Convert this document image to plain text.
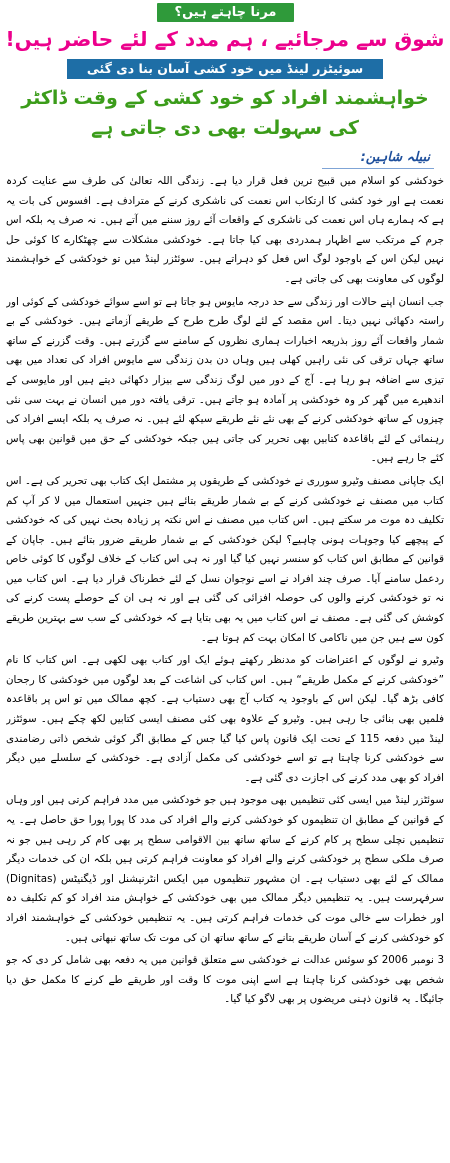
مرنا چاہتے ہیں؟
شوق سے مرجائیے ، ہم مدد کے لئے حاضر ہیں!
سوئیٹزر لینڈ میں خود کشی آسان بنا دی گئی
خواہشمند افراد کو خود کشی کے وقت ڈاکٹر
کی سہولت بھی دی جاتی ہے
نبیلہ شاہین:

خودکشی کو اسلام میں قبیح ترین فعل قرار دیا ہے۔ زندگی اللہ تعالیٰ کی طرف سے عنایت کردہ نعمت ہے اور خود کشی کا ارتکاب اس نعمت کی ناشکری کرنے کے مترادف ہے۔ افسوس کی بات یہ ہے کہ ہمارے ہاں اس نعمت کی ناشکری کے واقعات آئے روز سننے میں آتے ہیں۔ نہ صرف یہ بلکہ اس جرم کے مرتکب سے اظہار ہمدردی بھی کیا جاتا ہے۔ خودکشی مشکلات سے چھٹکارے کا کوئی حل نہیں لیکن اس کے باوجود لوگ اس فعل کو دہراتے ہیں۔ سوئٹزر لینڈ میں تو خودکشی کے خواہشمند لوگوں کی معاونت بھی کی جاتی ہے۔

جب انسان اپنے حالات اور زندگی سے حد درجہ مایوس ہو جاتا ہے تو اسے سوائے خودکشی کے کوئی اور راستہ دکھائی نہیں دیتا۔ اس مقصد کے لئے لوگ طرح طرح کے طریقے آزماتے ہیں۔ خودکشی کے بے شمار واقعات آئے روز بذریعہ اخبارات ہماری نظروں کے سامنے سے گزرتے ہیں۔ وقت گزرنے کے ساتھ ساتھ جہاں ترقی کی نئی راہیں کھلی ہیں وہاں دن بدن زندگی سے مایوس افراد کی تعداد میں بھی تیزی سے اضافہ ہو رہا ہے۔ آج کے دور میں لوگ زندگی سے بیزار دکھائی دیتے ہیں اور مایوسی کے اندھیرے میں گھر کر وہ خودکشی پر آمادہ ہو جاتے ہیں۔ ترقی یافتہ دور میں انسان نے بہت سی نئی چیزوں کے ساتھ خودکشی کرنے کے بھی نئے نئے طریقے سیکھ لئے ہیں۔ نہ صرف یہ بلکہ ایسے افراد کی رہنمائی کے لئے باقاعدہ کتابیں بھی تحریر کی جاتی ہیں جبکہ خودکشی کے حق میں قوانین بھی پاس کئے جا رہے ہیں۔

ایک جاپانی مصنف وٹیرو سورری نے خودکشی کے طریقوں پر مشتمل ایک کتاب بھی تحریر کی ہے۔ اس کتاب میں مصنف نے خودکشی کرنے کے بے شمار طریقے بتائے ہیں جنہیں استعمال میں لا کر آپ کم تکلیف دہ موت مر سکتے ہیں۔ اس کتاب میں مصنف نے اس نکتہ پر زیادہ بحث نہیں کی کہ خودکشی کے پیچھے کیا وجوہات ہونی چاہیے؟ لیکن خودکشی کے بے شمار طریقے ضرور بتائے ہیں۔ جاپان کے قوانین کے مطابق اس کتاب کو سنسر نہیں کیا گیا اور نہ ہی اس کتاب کے خلاف لوگوں کا کوئی خاص ردعمل سامنے آیا۔ صرف چند افراد نے اسے نوجوان نسل کے لئے خطرناک قرار دیا ہے۔ اس کتاب میں نہ تو خودکشی کرنے والوں کی حوصلہ افزائی کی گئی ہے اور نہ ہی ان کے حوصلے پست کرنے کی کوشش کی گئی ہے۔ مصنف نے اس کتاب میں یہ بھی بتایا ہے کہ خودکشی کے سب سے بہترین طریقے کون سے ہیں جن میں ناکامی کا امکان بہت کم ہوتا ہے۔

وٹیرو نے لوگوں کے اعتراضات کو مدنظر رکھتے ہوئے ایک اور کتاب بھی لکھی ہے۔ اس کتاب کا نام ”خودکشی کرنے کے مکمل طریقے“ ہیں۔ اس کتاب کی اشاعت کے بعد لوگوں میں خودکشی کا رجحان کافی بڑھ گیا۔ لیکن اس کے باوجود یہ کتاب آج بھی دستیاب ہے۔ کچھ ممالک میں تو اس پر باقاعدہ فلمیں بھی بنائی جا رہی ہیں۔ وٹیرو کے علاوہ بھی کئی مصنف ایسی کتابیں لکھ چکے ہیں۔ سوئٹزر لینڈ میں دفعہ 115 کے تحت ایک قانون پاس کیا گیا جس کے مطابق اگر کوئی شخص ذاتی رضامندی سے خودکشی کرنا چاہتا ہے تو اسے خودکشی کی مکمل آزادی ہے۔ خودکشی کے سلسلے میں دیگر افراد کو بھی مدد کرنے کی اجازت دی گئی ہے۔

سوئٹزر لینڈ میں ایسی کئی تنظیمیں بھی موجود ہیں جو خودکشی میں مدد فراہم کرتی ہیں اور وہاں کے قوانین کے مطابق ان تنظیموں کو خودکشی کرنے والے افراد کی مدد کا پورا پورا حق حاصل ہے۔ یہ تنظیمیں نچلی سطح پر کام کرنے کے ساتھ ساتھ بین الاقوامی سطح پر بھی کام کر رہی ہیں جو نہ صرف ملکی سطح پر خودکشی کرنے والے افراد کو معاونت فراہم کرتی ہیں بلکہ ان کی خدمات دیگر ممالک کے لئے بھی دستیاب ہے۔ ان مشہور تنظیموں میں ایکس انٹرنیشنل اور ڈیگنیٹس (Dignitas) سرفہرست ہیں۔ یہ تنظیمیں دیگر ممالک میں بھی خودکشی کے خواہش مند افراد کو کم تکلیف دہ اور خطرات سے خالی موت کی خدمات فراہم کرتی ہیں۔ یہ تنظیمیں خودکشی کے خواہشمند افراد کو خودکشی کرنے کے آسان طریقے بتانے کے ساتھ ساتھ ان کی موت تک ساتھ نبھاتی ہیں۔

3 نومبر 2006 کو سوئس عدالت نے خودکشی سے متعلق قوانین میں یہ دفعہ بھی شامل کر دی کہ جو شخص بھی خودکشی کرنا چاہتا ہے اسے اپنی موت کا وقت اور طریقے طے کرنے کا مکمل حق دیا جائیگا۔ یہ قانون ذہنی مریضوں پر بھی لاگو کیا گیا۔
